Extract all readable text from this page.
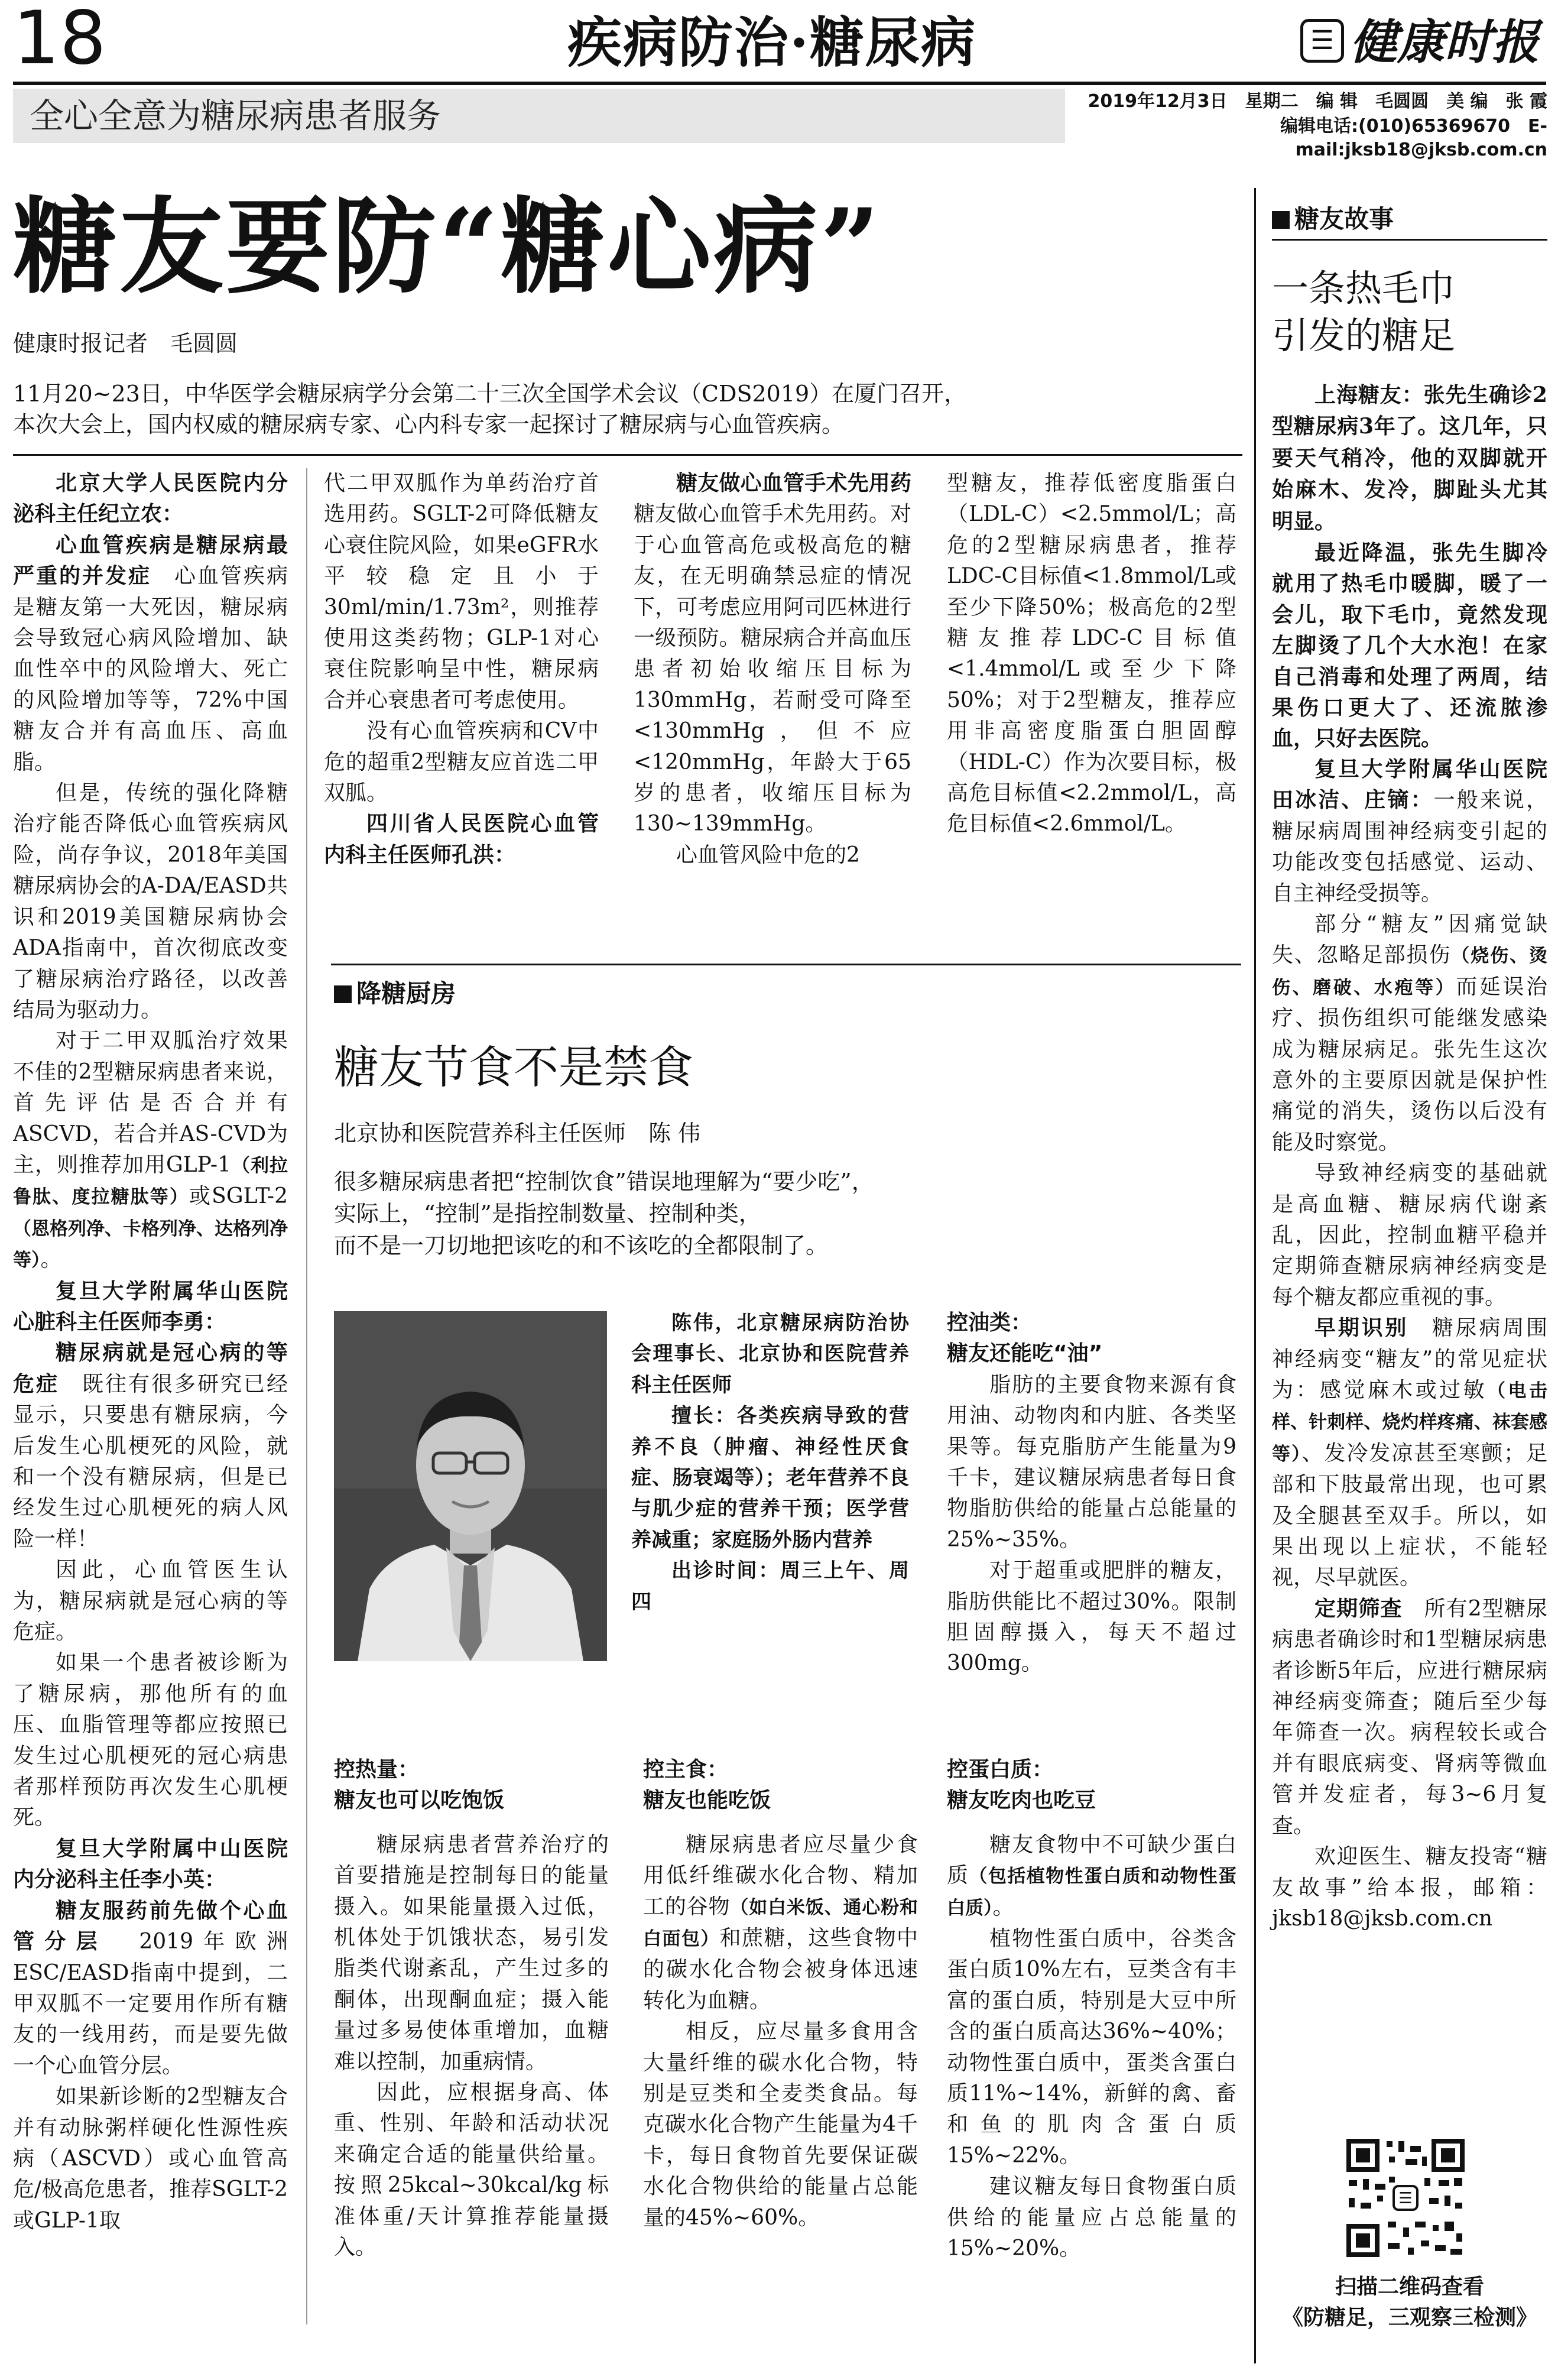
18	疾病防治·糖尿病	☰ 健康时报
全心全意为糖尿病患者服务	2019年12月3日　星期二　编 辑　毛圆圆　美 编　张 霞
编辑电话:(010)65369670　E-mail:jksb18@jksb.com.cn
糖友要防“糖心病”
健康时报记者　毛圆圆
11月20~23日，中华医学会糖尿病学分会第二十三次全国学术会议（CDS2019）在厦门召开，
本次大会上，国内权威的糖尿病专家、心内科专家一起探讨了糖尿病与心血管疾病。

北京大学人民医院内分泌科主任纪立农：

心血管疾病是糖尿病最严重的并发症　 心血管疾病是糖友第一大死因，糖尿病会导致冠心病风险增加、缺血性卒中的风险增大、死亡的风险增加等等，72%中国糖友合并有高血压、高血脂。

但是，传统的强化降糖治疗能否降低心血管疾病风险，尚存争议，2018年美国糖尿病协会的A-DA/EASD共识和2019美国糖尿病协会ADA指南中，首次彻底改变了糖尿病治疗路径，以改善结局为驱动力。

对于二甲双胍治疗效果不佳的2型糖尿病患者来说，首先评估是否合并有ASCVD，若合并AS-CVD为主，则推荐加用GLP-1（利拉鲁肽、度拉糖肽等）或SGLT-2（恩格列净、卡格列净、达格列净等）。

复旦大学附属华山医院心脏科主任医师李勇：

糖尿病就是冠心病的等危症　 既往有很多研究已经显示，只要患有糖尿病，今后发生心肌梗死的风险，就和一个没有糖尿病，但是已经发生过心肌梗死的病人风险一样！

因此，心血管医生认为，糖尿病就是冠心病的等危症。

如果一个患者被诊断为了糖尿病，那他所有的血压、血脂管理等都应按照已发生过心肌梗死的冠心病患者那样预防再次发生心肌梗死。

复旦大学附属中山医院内分泌科主任李小英：

糖友服药前先做个心血管分层　 2019年欧洲ESC/EASD指南中提到，二甲双胍不一定要用作所有糖友的一线用药，而是要先做一个心血管分层。

如果新诊断的2型糖友合并有动脉粥样硬化性源性疾病（ASCVD）或心血管高危/极高危患者，推荐SGLT-2或GLP-1取

代二甲双胍作为单药治疗首选用药。SGLT-2可降低糖友心衰住院风险，如果eGFR水平较稳定且小于30ml/min/1.73m²，则推荐使用这类药物；GLP-1对心衰住院影响呈中性，糖尿病合并心衰患者可考虑使用。

没有心血管疾病和CV中危的超重2型糖友应首选二甲双胍。

四川省人民医院心血管内科主任医师孔洪：

糖友做心血管手术先用药　糖友做心血管手术先用药。对于心血管高危或极高危的糖友，在无明确禁忌症的情况下，可考虑应用阿司匹林进行一级预防。糖尿病合并高血压患者初始收缩压目标为130mmHg，若耐受可降至<130mmHg，但不应<120mmHg，年龄大于65岁的患者，收缩压目标为130~139mmHg。

心血管风险中危的2

型糖友，推荐低密度脂蛋白（LDL-C）<2.5mmol/L；高危的2型糖尿病患者，推荐LDC-C目标值<1.8mmol/L或至少下降50%；极高危的2型糖友推荐LDC-C目标值<1.4mmol/L或至少下降50%；对于2型糖友，推荐应用非高密度脂蛋白胆固醇（HDL-C）作为次要目标，极高危目标值<2.2mmol/L，高危目标值<2.6mmol/L。

降糖厨房
糖友节食不是禁食
北京协和医院营养科主任医师　陈 伟
很多糖尿病患者把“控制饮食”错误地理解为“要少吃”，
实际上，“控制”是指控制数量、控制种类，
而不是一刀切地把该吃的和不该吃的全都限制了。

陈伟，北京糖尿病防治协会理事长、北京协和医院营养科主任医师

擅长：各类疾病导致的营养不良（肿瘤、神经性厌食症、肠衰竭等）；老年营养不良与肌少症的营养干预；医学营养减重；家庭肠外肠内营养

出诊时间：周三上午、周四

控油类：

糖友还能吃“油”

脂肪的主要食物来源有食用油、动物肉和内脏、各类坚果等。每克脂肪产生能量为9千卡，建议糖尿病患者每日食物脂肪供给的能量占总能量的25%~35%。

对于超重或肥胖的糖友，脂肪供能比不超过30%。限制胆固醇摄入，每天不超过300mg。

控热量：

糖友也可以吃饱饭

糖尿病患者营养治疗的首要措施是控制每日的能量摄入。如果能量摄入过低，机体处于饥饿状态，易引发脂类代谢紊乱，产生过多的酮体，出现酮血症；摄入能量过多易使体重增加，血糖难以控制，加重病情。

因此，应根据身高、体重、性别、年龄和活动状况来确定合适的能量供给量。按照25kcal~30kcal/kg标准体重/天计算推荐能量摄入。

控主食：

糖友也能吃饭

糖尿病患者应尽量少食用低纤维碳水化合物、精加工的谷物（如白米饭、通心粉和白面包）和蔗糖，这些食物中的碳水化合物会被身体迅速转化为血糖。

相反，应尽量多食用含大量纤维的碳水化合物，特别是豆类和全麦类食品。每克碳水化合物产生能量为4千卡，每日食物首先要保证碳水化合物供给的能量占总能量的45%~60%。

控蛋白质：

糖友吃肉也吃豆

糖友食物中不可缺少蛋白质（包括植物性蛋白质和动物性蛋白质）。

植物性蛋白质中，谷类含蛋白质10%左右，豆类含有丰富的蛋白质，特别是大豆中所含的蛋白质高达36%~40%；动物性蛋白质中，蛋类含蛋白质11%~14%，新鲜的禽、畜和鱼的肌肉含蛋白质15%~22%。

建议糖友每日食物蛋白质供给的能量应占总能量的15%~20%。

糖友故事
一条热毛巾
引发的糖足

上海糖友：张先生确诊2型糖尿病3年了。这几年，只要天气稍冷，他的双脚就开始麻木、发冷，脚趾头尤其明显。

最近降温，张先生脚冷就用了热毛巾暖脚，暖了一会儿，取下毛巾，竟然发现左脚烫了几个大水泡！在家自己消毒和处理了两周，结果伤口更大了、还流脓渗血，只好去医院。

复旦大学附属华山医院田冰洁、庄镝：一般来说，糖尿病周围神经病变引起的功能改变包括感觉、运动、自主神经受损等。

部分“糖友”因痛觉缺失、忽略足部损伤（烧伤、烫伤、磨破、水疱等）而延误治疗、损伤组织可能继发感染成为糖尿病足。张先生这次意外的主要原因就是保护性痛觉的消失，烫伤以后没有能及时察觉。

导致神经病变的基础就是高血糖、糖尿病代谢紊乱，因此，控制血糖平稳并定期筛查糖尿病神经病变是每个糖友都应重视的事。

早期识别　 糖尿病周围神经病变“糖友”的常见症状为：感觉麻木或过敏（电击样、针刺样、烧灼样疼痛、袜套感等）、发冷发凉甚至寒颤；足部和下肢最常出现，也可累及全腿甚至双手。所以，如果出现以上症状，不能轻视，尽早就医。

定期筛查　 所有2型糖尿病患者确诊时和1型糖尿病患者诊断5年后，应进行糖尿病神经病变筛查；随后至少每年筛查一次。病程较长或合并有眼底病变、肾病等微血管并发症者，每3~6月复查。

欢迎医生、糖友投寄“糖友故事”给本报，邮箱：jksb18@jksb.com.cn

☰
扫描二维码查看
《防糖足，三观察三检测》
